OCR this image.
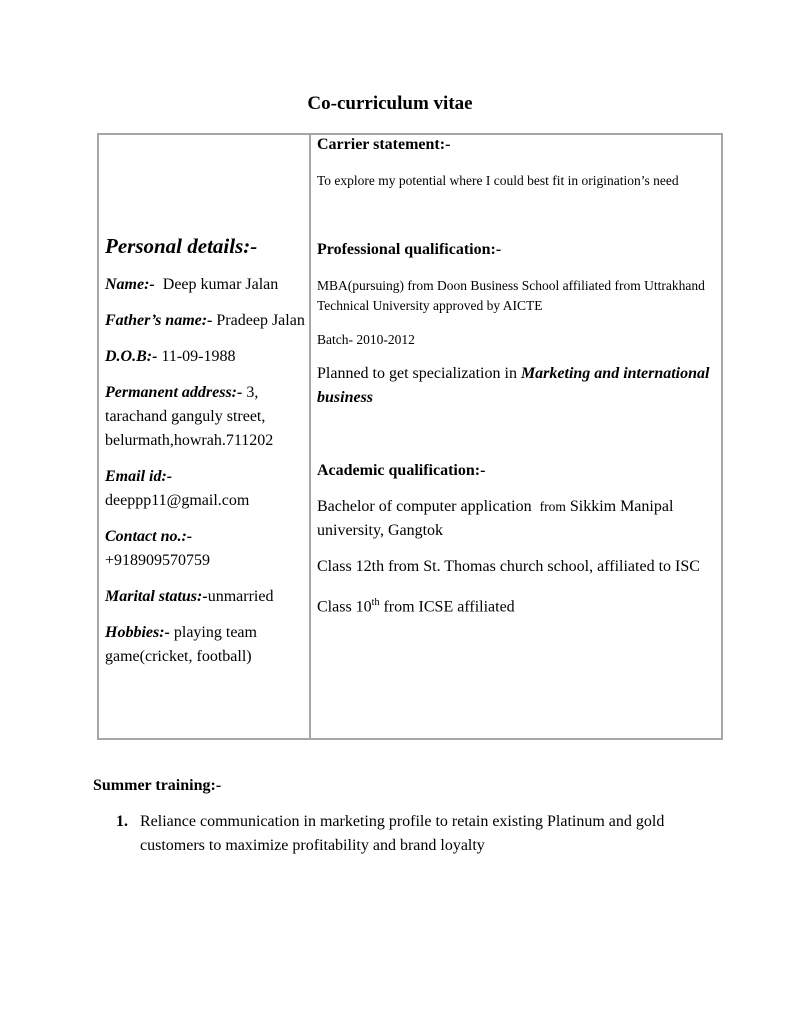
Co-curriculum vitae

Personal details:-

Name:- Deep kumar Jalan

Father’s name:- Pradeep Jalan

D.O.B:- 11-09-1988

Permanent address:- 3, tarachand ganguly street, belurmath,howrah.711202

Email id:-
deeppp11@gmail.com

Contact no.:-
+918909570759

Marital status:-unmarried

Hobbies:- playing team game(cricket, football)

Carrier statement:-

To explore my potential where I could best fit in origination’s need

Professional qualification:-

MBA(pursuing) from Doon Business School affiliated from Uttrakhand Technical University approved by AICTE

Batch- 2010-2012

Planned to get specialization in Marketing and international business

Academic qualification:-

Bachelor of computer application from Sikkim Manipal university, Gangtok

Class 12th from St. Thomas church school, affiliated to ISC

Class 10th from ICSE affiliated

Summer training:-
1. Reliance communication in marketing profile to retain existing Platinum and gold customers to maximize profitability and brand loyalty
